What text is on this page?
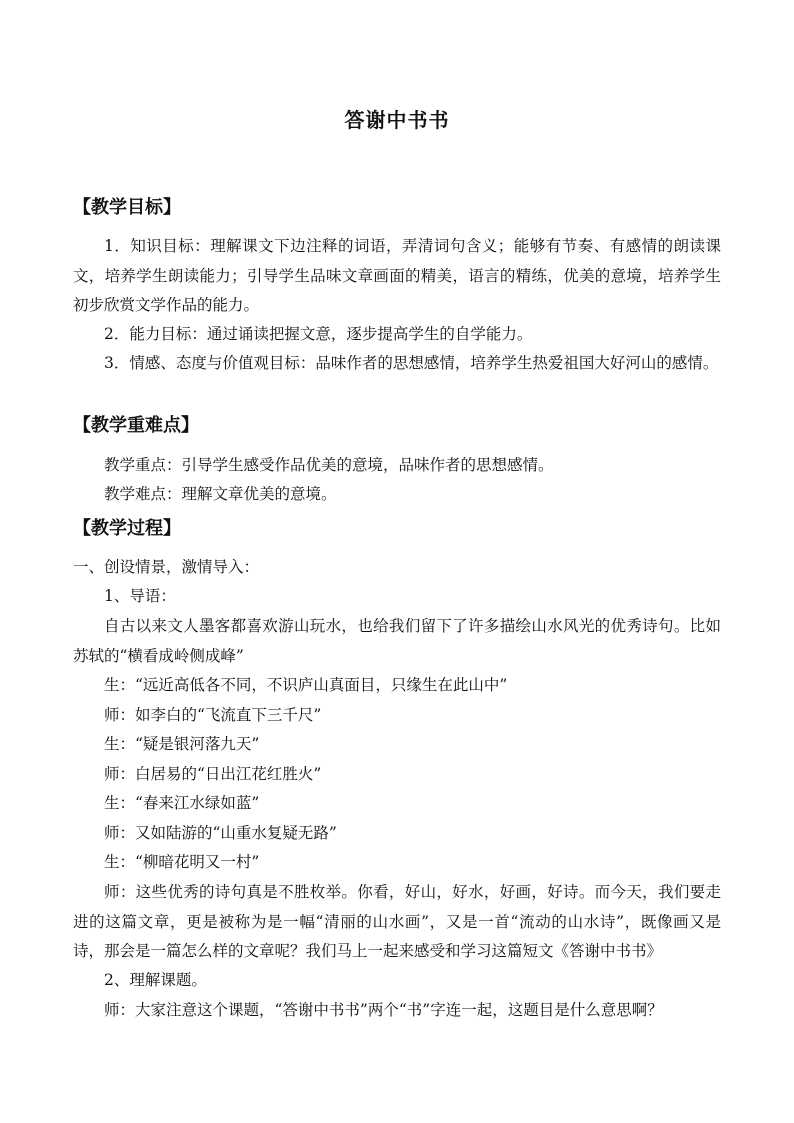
答谢中书书
【教学目标】

1．知识目标：理解课文下边注释的词语，弄清词句含义；能够有节奏、有感情的朗读课文，培养学生朗读能力；引导学生品味文章画面的精美，语言的精练，优美的意境，培养学生初步欣赏文学作品的能力。

2．能力目标：通过诵读把握文意，逐步提高学生的自学能力。

3．情感、态度与价值观目标：品味作者的思想感情，培养学生热爱祖国大好河山的感情。

【教学重难点】

教学重点：引导学生感受作品优美的意境，品味作者的思想感情。

教学难点：理解文章优美的意境。

【教学过程】

一、创设情景，激情导入：

1、导语：

自古以来文人墨客都喜欢游山玩水，也给我们留下了许多描绘山水风光的优秀诗句。比如苏轼的“横看成岭侧成峰”

生：“远近高低各不同，不识庐山真面目，只缘生在此山中”

师：如李白的“飞流直下三千尺”

生：“疑是银河落九天”

师：白居易的“日出江花红胜火”

生：“春来江水绿如蓝”

师：又如陆游的“山重水复疑无路”

生：“柳暗花明又一村”

师：这些优秀的诗句真是不胜枚举。你看，好山，好水，好画，好诗。而今天，我们要走进的这篇文章，更是被称为是一幅“清丽的山水画”，又是一首“流动的山水诗”，既像画又是诗，那会是一篇怎么样的文章呢？我们马上一起来感受和学习这篇短文《答谢中书书》

2、理解课题。

师：大家注意这个课题，“答谢中书书”两个“书”字连一起，这题目是什么意思啊？
